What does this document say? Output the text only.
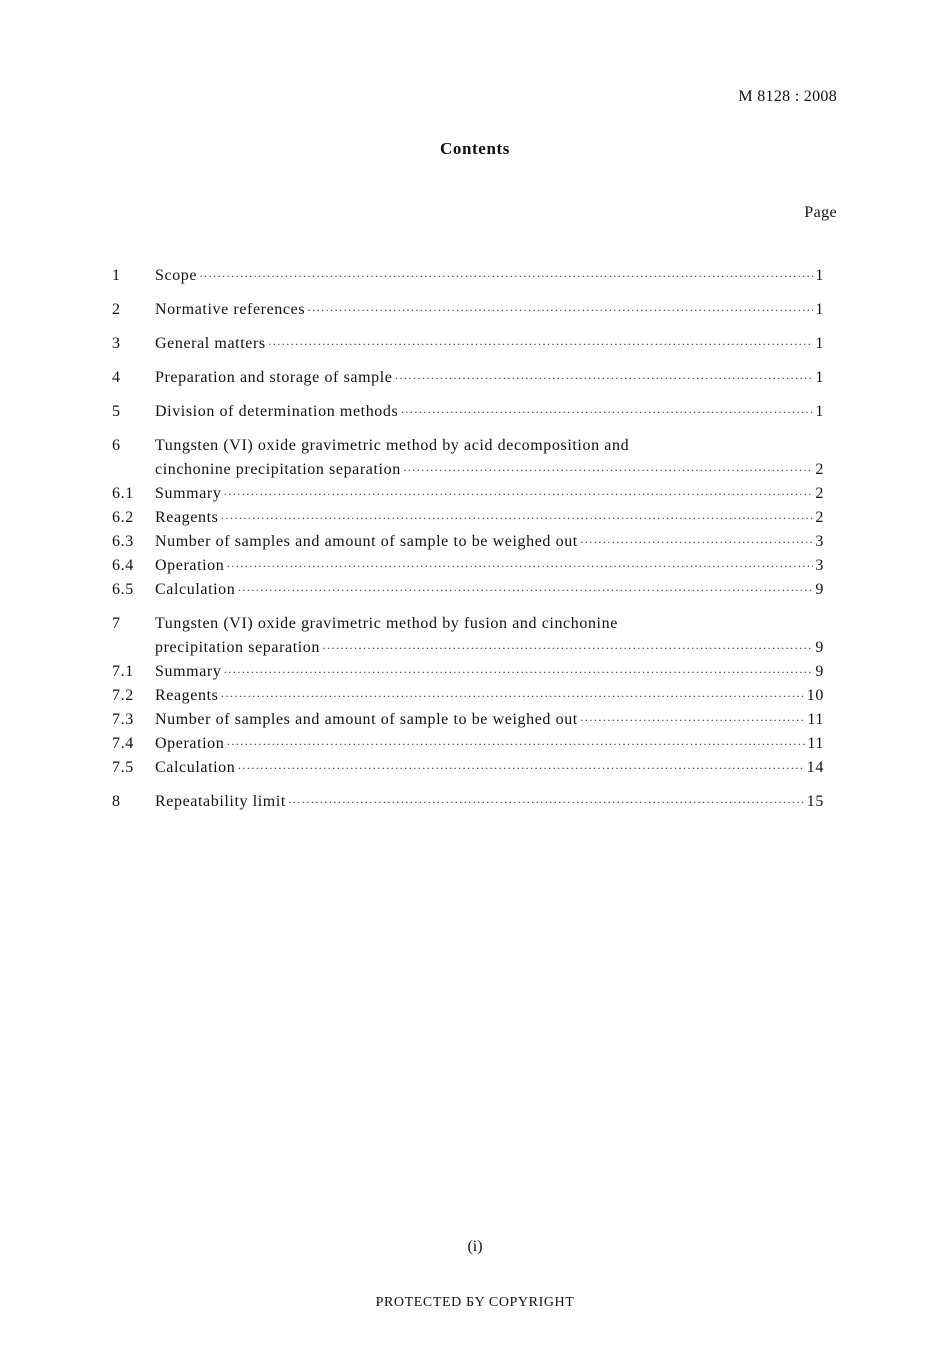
M 8128 : 2008
Contents
Page
1	Scope ·····	1
2	Normative references ·····	1
3	General matters ·····	1
4	Preparation and storage of sample ·····	1
5	Division of determination methods ·····	1
6	Tungsten (VI) oxide gravimetric method by acid decomposition and
cinchonine precipitation separation ·····	2
6.1	Summary ·····	2
6.2	Reagents ·····	2
6.3	Number of samples and amount of sample to be weighed out ·····	3
6.4	Operation ·····	3
6.5	Calculation ·····	9
7	Tungsten (VI) oxide gravimetric method by fusion and cinchonine
precipitation separation ·····	9
7.1	Summary ·····	9
7.2	Reagents ·····	10
7.3	Number of samples and amount of sample to be weighed out ·····	11
7.4	Operation ·····	11
7.5	Calculation ·····	14
8	Repeatability limit ·····	15
(i)
PROTECTED БY COPYRIGHT
